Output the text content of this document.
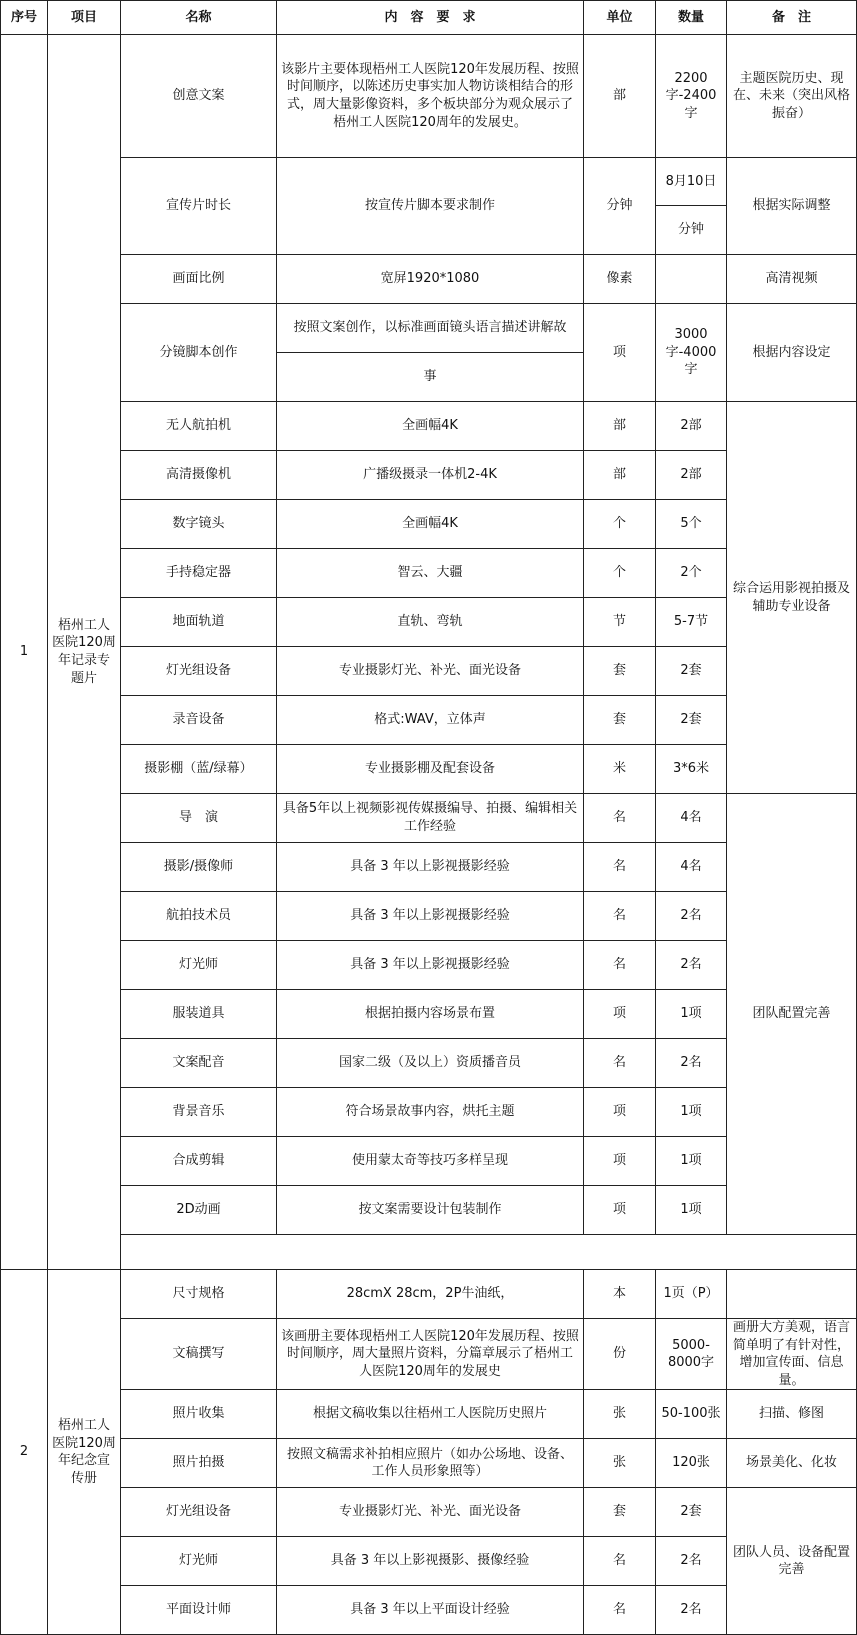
序号	项目	名称	内　容　要　求	单位	数量	备　注
1	梧州工人医院120周年记录专题片	创意文案	该影片主要体现梧州工人医院120年发展历程、按照时间顺序，以陈述历史事实加人物访谈相结合的形式，周大量影像资料，多个板块部分为观众展示了梧州工人医院120周年的发展史。	部	2200字-2400字	主题医院历史、现在、未来（突出风格振奋）
		宣传片时长	按宣传片脚本要求制作	分钟	8月10日	根据实际调整
					分钟	
		画面比例	宽屏1920*1080	像素		高清视频
		分镜脚本创作	按照文案创作，以标准画面镜头语言描述讲解故	项	3000字-4000字	根据内容设定
			事			
		无人航拍机	全画幅4K	部	2部	综合运用影视拍摄及辅助专业设备
		高清摄像机	广播级摄录一体机2-4K	部	2部	
		数字镜头	全画幅4K	个	5个	
		手持稳定器	智云、大疆	个	2个	
		地面轨道	直轨、弯轨	节	5-7节	
		灯光组设备	专业摄影灯光、补光、面光设备	套	2套	
		录音设备	格式:WAV，立体声	套	2套	
		摄影棚（蓝/绿幕）	专业摄影棚及配套设备	米	3*6米	
		导　演	具备5年以上视频影视传媒摄编导、拍摄、编辑相关工作经验	名	4名	团队配置完善
		摄影/摄像师	具备 3 年以上影视摄影经验	名	4名	
		航拍技术员	具备 3 年以上影视摄影经验	名	2名	
		灯光师	具备 3 年以上影视摄影经验	名	2名	
		服装道具	根据拍摄内容场景布置	项	1项	
		文案配音	国家二级（及以上）资质播音员	名	2名	
		背景音乐	符合场景故事内容，烘托主题	项	1项	
		合成剪辑	使用蒙太奇等技巧多样呈现	项	1项	
		2D动画	按文案需要设计包装制作	项	1项	

2	梧州工人医院120周年纪念宣传册	尺寸规格	28cmX 28cm，2P牛油纸，	本	1页（P）	
		文稿撰写	该画册主要体现梧州工人医院120年发展历程、按照时间顺序，周大量照片资料，分篇章展示了梧州工人医院120周年的发展史	份	5000-8000字	画册大方美观，语言简单明了有针对性，增加宣传面、信息量。
		照片收集	根据文稿收集以往梧州工人医院历史照片	张	50-100张	扫描、修图
		照片拍摄	按照文稿需求补拍相应照片（如办公场地、设备、工作人员形象照等）	张	120张	场景美化、化妆
		灯光组设备	专业摄影灯光、补光、面光设备	套	2套	团队人员、设备配置完善
		灯光师	具备 3 年以上影视摄影、摄像经验	名	2名	
		平面设计师	具备 3 年以上平面设计经验	名	2名	
